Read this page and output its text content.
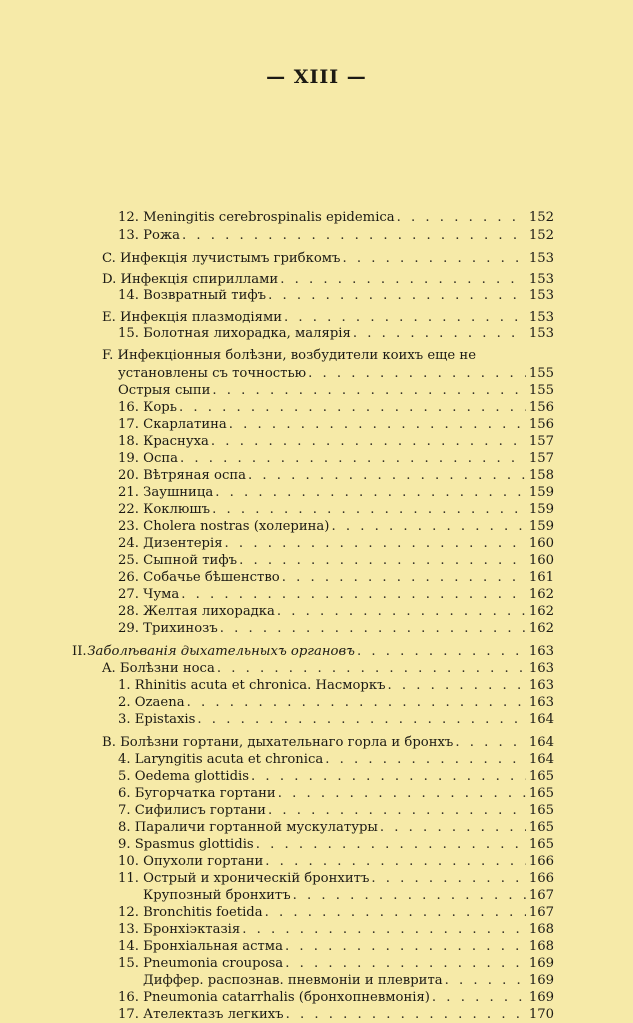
— XIII —
12. Meningitis cerebrospinalis epidemica . . .	152
13. Рожа . . .	152
C. Инфекція лучистымъ грибкомъ . . .	153
D. Инфекція спириллами . . .	153
14. Возвратный тифъ . . .	153
E. Инфекція плазмодіями . . .	153
15. Болотная лихорадка, малярія . . .	153
F. Инфекціонныя болѣзни, возбудители коихъ еще не
установлены съ точностью . . .	155
Острыя сыпи . . .	155
16. Корь . . .	156
17. Скарлатина . . .	156
18. Краснуха . . .	157
19. Оспа . . .	157
20. Вѣтряная оспа . . .	158
21. Заушница . . .	159
22. Коклюшъ . . .	159
23. Cholera nostras (холерина) . . .	159
24. Дизентерія . . .	160
25. Сыпной тифъ . . .	160
26. Собачье бѣшенство . . .	161
27. Чума . . .	162
28. Желтая лихорадка . . .	162
29. Трихинозъ . . .	162
II. Заболѣванія дыхательныхъ органовъ . . .	163
A. Болѣзни носа . . .	163
1. Rhinitis acuta et chronica. Насморкъ . . .	163
2. Ozaena . . .	163
3. Epistaxis . . .	164
B. Болѣзни гортани, дыхательнаго горла и бронхъ . . .	164
4. Laryngitis acuta et chronica . . .	164
5. Oedema glottidis . . .	165
6. Бугорчатка гортани . . .	165
7. Сифилисъ гортани . . .	165
8. Параличи гортанной мускулатуры . . .	165
9. Spasmus glottidis . . .	165
10. Опухоли гортани . . .	166
11. Острый и хроническій бронхитъ . . .	166
Крупозный бронхитъ . . .	167
12. Bronchitis foetida . . .	167
13. Бронхіэктазія . . .	168
14. Бронхіальная астма . . .	168
15. Pneumonia crouposa . . .	169
Диффер. распознав. пневмоніи и плеврита . . .	169
16. Pneumonia catarrhalis (бронхопневмонія) . . .	169
17. Ателектазъ легкихъ . . .	170
